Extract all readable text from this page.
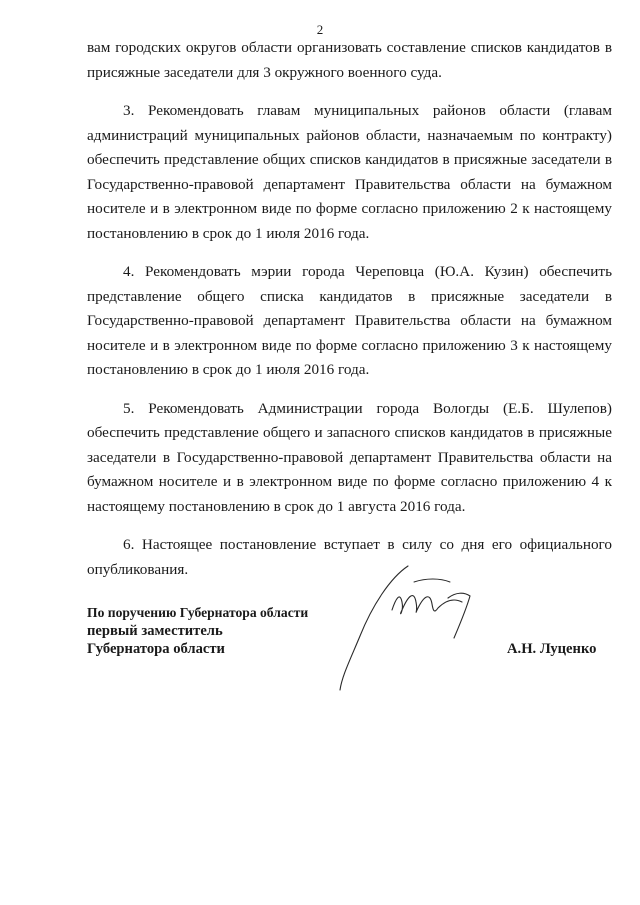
2

вам городских округов области организовать составление списков кандидатов в присяжные заседатели для 3 окружного военного суда.

3. Рекомендовать главам муниципальных районов области (главам администраций муниципальных районов области, назначаемым по контракту) обеспечить представление общих списков кандидатов в присяжные заседатели в Государственно-правовой департамент Правительства области на бумажном носителе и в электронном виде по форме согласно приложению 2 к настоящему постановлению в срок до 1 июля 2016 года.

4. Рекомендовать мэрии города Череповца (Ю.А. Кузин) обеспечить представление общего списка кандидатов в присяжные заседатели в Государственно-правовой департамент Правительства области на бумажном носителе и в электронном виде по форме согласно приложению 3 к настоящему постановлению в срок до 1 июля 2016 года.

5. Рекомендовать Администрации города Вологды (Е.Б. Шулепов) обеспечить представление общего и запасного списков кандидатов в присяжные заседатели в Государственно-правовой департамент Правительства области на бумажном носителе и в электронном виде по форме согласно приложению 4 к настоящему постановлению в срок до 1 августа 2016 года.

6. Настоящее постановление вступает в силу со дня его официального опубликования.

По поручению Губернатора области
первый заместитель
Губернатора области	А.Н. Луценко
